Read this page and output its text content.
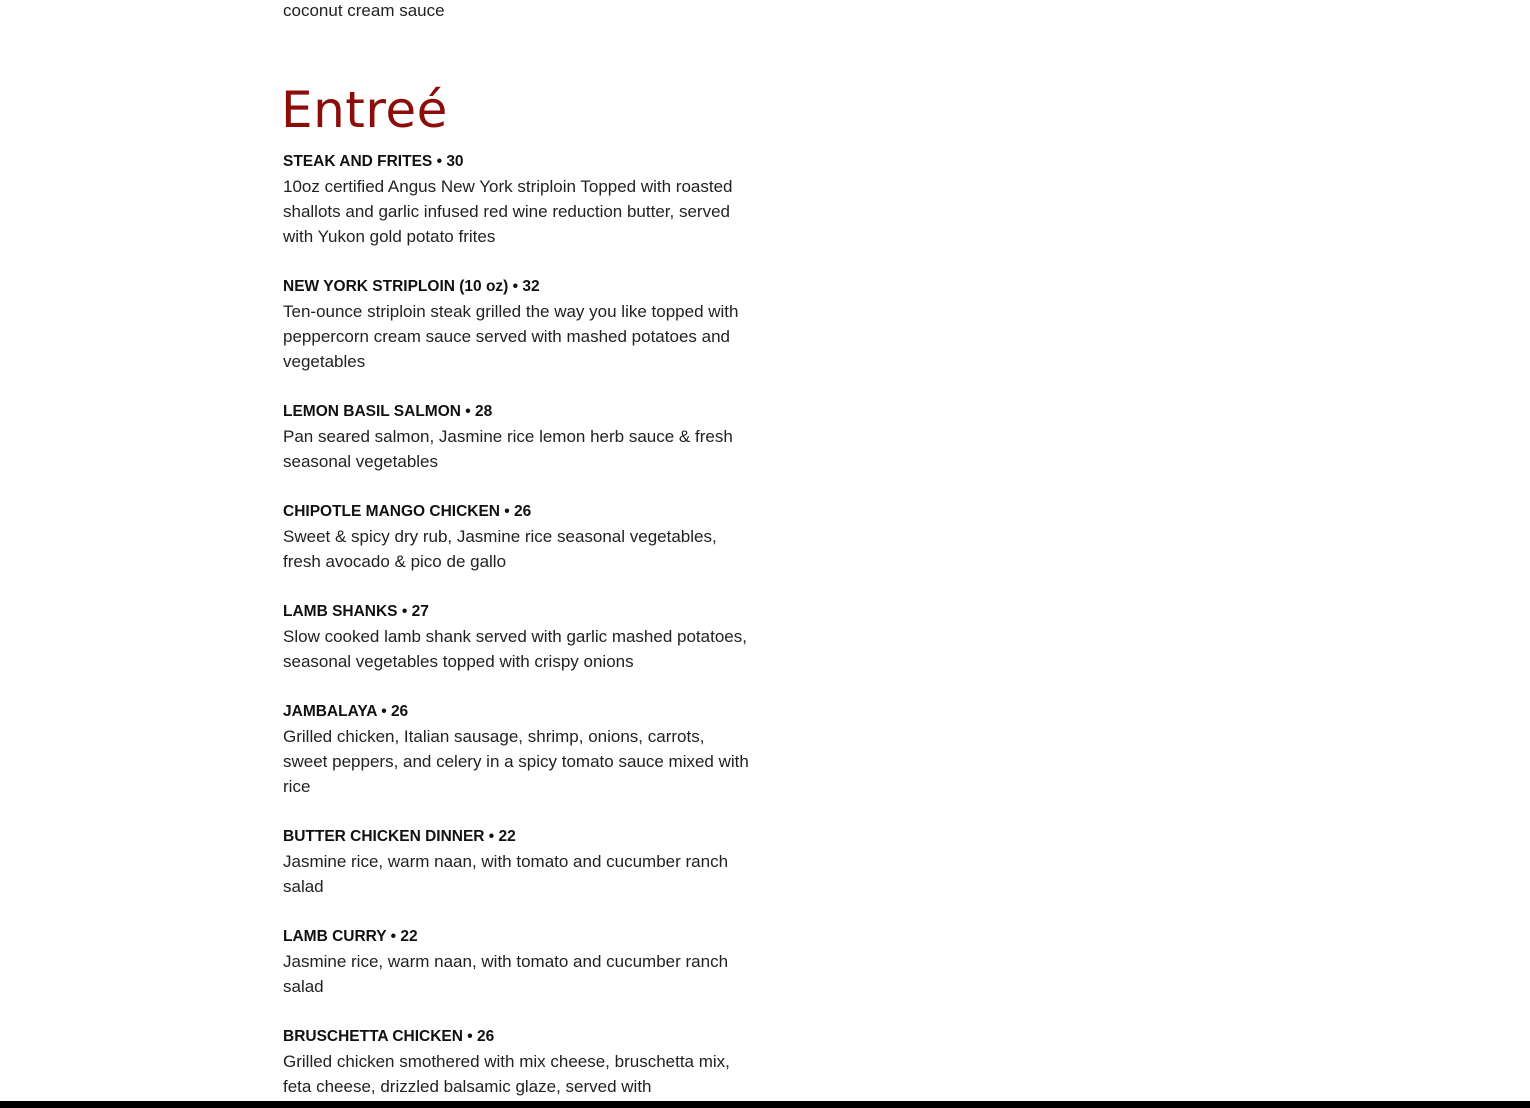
coconut cream sauce

Entreé
STEAK AND FRITES • 30

10oz certified Angus New York striploin Topped with roasted shallots and garlic infused red wine reduction butter, served with Yukon gold potato frites

NEW YORK STRIPLOIN (10 oz) • 32

Ten-ounce striploin steak grilled the way you like topped with peppercorn cream sauce served with mashed potatoes and vegetables

LEMON BASIL SALMON • 28

Pan seared salmon, Jasmine rice lemon herb sauce & fresh seasonal vegetables

CHIPOTLE MANGO CHICKEN • 26

Sweet & spicy dry rub, Jasmine rice seasonal vegetables, fresh avocado & pico de gallo

LAMB SHANKS • 27

Slow cooked lamb shank served with garlic mashed potatoes, seasonal vegetables topped with crispy onions

JAMBALAYA • 26

Grilled chicken, Italian sausage, shrimp, onions, carrots, sweet peppers, and celery in a spicy tomato sauce mixed with rice

BUTTER CHICKEN DINNER • 22

Jasmine rice, warm naan, with tomato and cucumber ranch salad

LAMB CURRY • 22

Jasmine rice, warm naan, with tomato and cucumber ranch salad

BRUSCHETTA CHICKEN • 26

Grilled chicken smothered with mix cheese, bruschetta mix, feta cheese, drizzled balsamic glaze, served with
